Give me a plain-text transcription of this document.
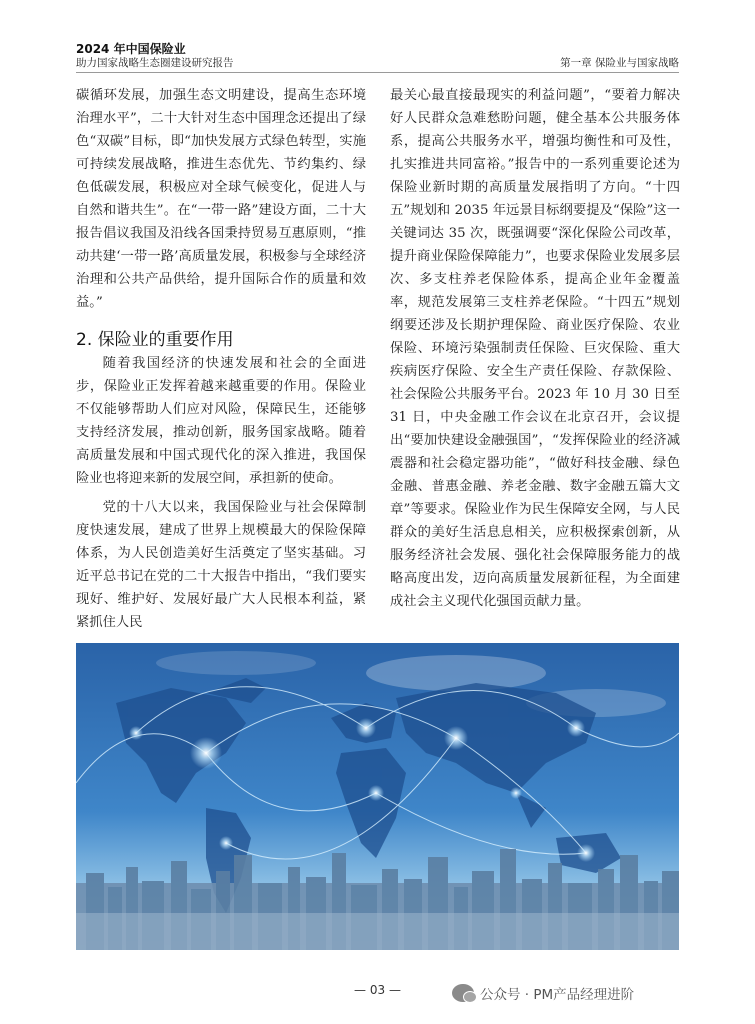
2024 年中国保险业
助力国家战略生态圈建设研究报告	第一章 保险业与国家战略

碳循环发展，加强生态文明建设，提高生态环境治理水平”，二十大针对生态中国理念还提出了绿色“双碳”目标，即“加快发展方式绿色转型，实施可持续发展战略，推进生态优先、节约集约、绿色低碳发展，积极应对全球气候变化，促进人与自然和谐共生”。在“一带一路”建设方面，二十大报告倡议我国及沿线各国秉持贸易互惠原则，“推动共建‘一带一路’高质量发展，积极参与全球经济治理和公共产品供给，提升国际合作的质量和效益。”

2. 保险业的重要作用

随着我国经济的快速发展和社会的全面进步，保险业正发挥着越来越重要的作用。保险业不仅能够帮助人们应对风险，保障民生，还能够支持经济发展，推动创新，服务国家战略。随着高质量发展和中国式现代化的深入推进，我国保险业也将迎来新的发展空间，承担新的使命。

党的十八大以来，我国保险业与社会保障制度快速发展，建成了世界上规模最大的保险保障体系，为人民创造美好生活奠定了坚实基础。习近平总书记在党的二十大报告中指出，“我们要实现好、维护好、发展好最广大人民根本利益，紧紧抓住人民

最关心最直接最现实的利益问题”，“要着力解决好人民群众急难愁盼问题，健全基本公共服务体系，提高公共服务水平，增强均衡性和可及性，扎实推进共同富裕。”报告中的一系列重要论述为保险业新时期的高质量发展指明了方向。“十四五”规划和 2035 年远景目标纲要提及“保险”这一关键词达 35 次，既强调要“深化保险公司改革，提升商业保险保障能力”，也要求保险业发展多层次、多支柱养老保险体系，提高企业年金覆盖率，规范发展第三支柱养老保险。“十四五”规划纲要还涉及长期护理保险、商业医疗保险、农业保险、环境污染强制责任保险、巨灾保险、重大疾病医疗保险、安全生产责任保险、存款保险、社会保险公共服务平台。2023 年 10 月 30 日至 31 日，中央金融工作会议在北京召开，会议提出“要加快建设金融强国”，“发挥保险业的经济减震器和社会稳定器功能”，“做好科技金融、绿色金融、普惠金融、养老金融、数字金融五篇大文章”等要求。保险业作为民生保障安全网，与人民群众的美好生活息息相关，应积极探索创新，从服务经济社会发展、强化社会保障服务能力的战略高度出发，迈向高质量发展新征程，为全面建成社会主义现代化强国贡献力量。

— 03 —	公众号 · PM产品经理进阶
